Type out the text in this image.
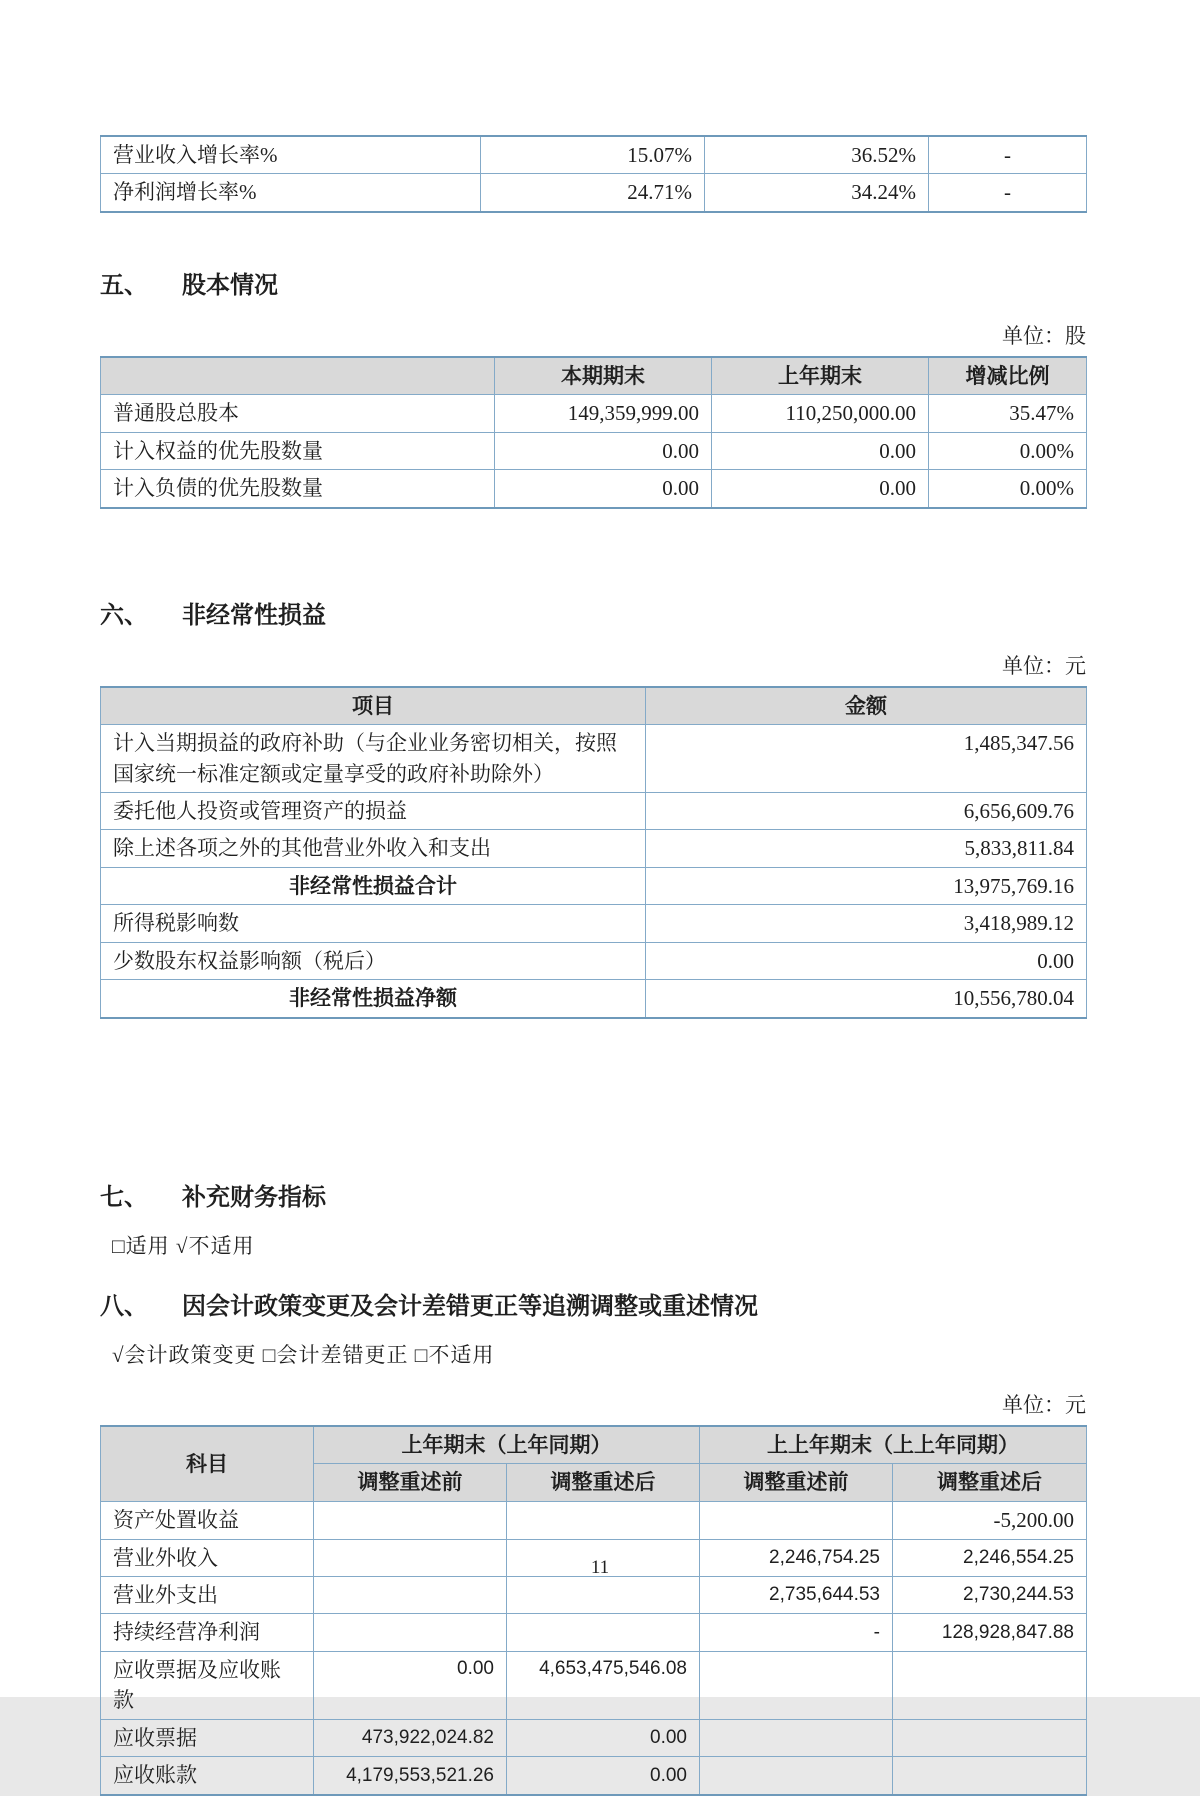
营业收入增长率%	15.07%	36.52%	-
净利润增长率%	24.71%	34.24%	-
五、	股本情况
单位：股
	本期期末	上年期末	增减比例
普通股总股本	149,359,999.00	110,250,000.00	35.47%
计入权益的优先股数量	0.00	0.00	0.00%
计入负债的优先股数量	0.00	0.00	0.00%
六、	非经常性损益
单位：元
项目	金额
计入当期损益的政府补助（与企业业务密切相关，按照国家统一标准定额或定量享受的政府补助除外）	1,485,347.56
委托他人投资或管理资产的损益	6,656,609.76
除上述各项之外的其他营业外收入和支出	5,833,811.84
非经常性损益合计	13,975,769.16
所得税影响数	3,418,989.12
少数股东权益影响额（税后）	0.00
非经常性损益净额	10,556,780.04
七、	补充财务指标
□适用 √不适用
八、	因会计政策变更及会计差错更正等追溯调整或重述情况
√会计政策变更 □会计差错更正 □不适用
单位：元
科目	上年期末（上年同期）		上上年期末（上上年同期）	
	调整重述前	调整重述后	调整重述前	调整重述后
资产处置收益				-5,200.00
营业外收入			2,246,754.25	2,246,554.25
营业外支出			2,735,644.53	2,730,244.53
持续经营净利润			-	128,928,847.88
应收票据及应收账款	0.00	4,653,475,546.08		
应收票据	473,922,024.82	0.00		
应收账款	4,179,553,521.26	0.00		
11
